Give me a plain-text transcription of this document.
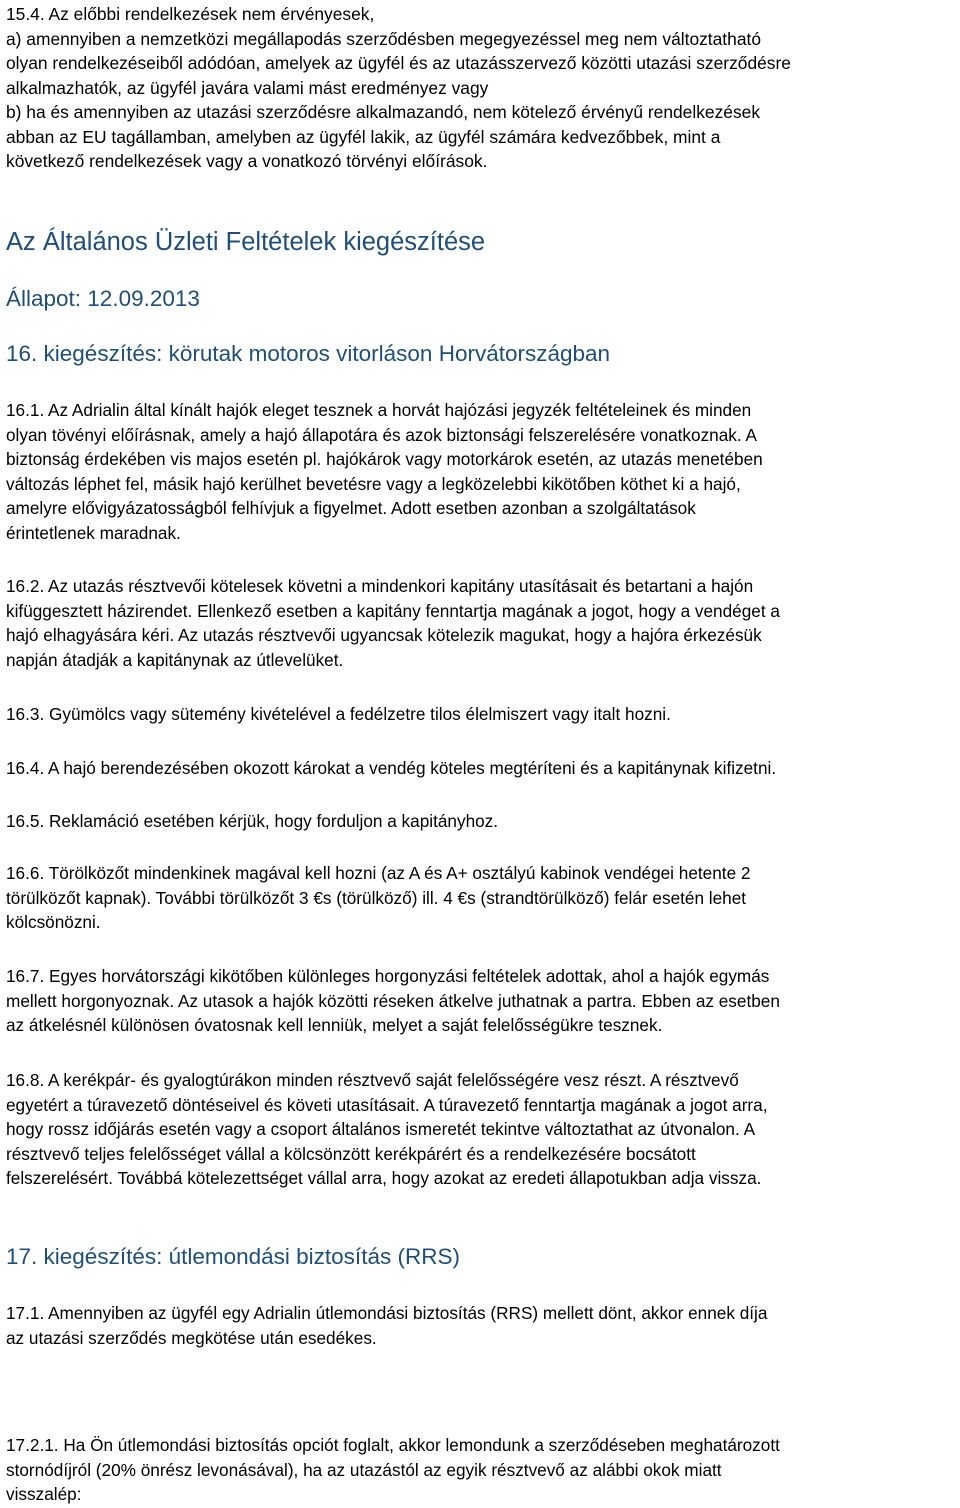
15.4. Az előbbi rendelkezések nem érvényesek,
a) amennyiben a nemzetközi megállapodás szerződésben megegyezéssel meg nem változtatható
olyan rendelkezéseiből adódóan, amelyek az ügyfél és az utazásszervező közötti utazási szerződésre
alkalmazhatók, az ügyfél javára valami mást eredményez vagy
b) ha és amennyiben az utazási szerződésre alkalmazandó, nem kötelező érvényű rendelkezések
abban az EU tagállamban, amelyben az ügyfél lakik, az ügyfél számára kedvezőbbek, mint a
következő rendelkezések vagy a vonatkozó törvényi előírások.

Az Általános Üzleti Feltételek kiegészítése
Állapot: 12.09.2013
16. kiegészítés: körutak motoros vitorláson Horvátországban

16.1. Az Adrialin által kínált hajók eleget tesznek a horvát hajózási jegyzék feltételeinek és minden
olyan tövényi előírásnak, amely a hajó állapotára és azok biztonsági felszerelésére vonatkoznak. A
biztonság érdekében vis majos esetén pl. hajókárok vagy motorkárok esetén, az utazás menetében
változás léphet fel, másik hajó kerülhet bevetésre vagy a legközelebbi kikötőben köthet ki a hajó,
amelyre elővigyázatosságból felhívjuk a figyelmet. Adott esetben azonban a szolgáltatások
érintetlenek maradnak.

16.2. Az utazás résztvevői kötelesek követni a mindenkori kapitány utasításait és betartani a hajón
kifüggesztett házirendet. Ellenkező esetben a kapitány fenntartja magának a jogot, hogy a vendéget a
hajó elhagyására kéri. Az utazás résztvevői ugyancsak kötelezik magukat, hogy a hajóra érkezésük
napján átadják a kapitánynak az útlevelüket.

16.3. Gyümölcs vagy sütemény kivételével a fedélzetre tilos élelmiszert vagy italt hozni.

16.4. A hajó berendezésében okozott károkat a vendég köteles megtéríteni és a kapitánynak kifizetni.

16.5. Reklamáció esetében kérjük, hogy forduljon a kapitányhoz.

16.6. Törölközőt mindenkinek magával kell hozni (az A és A+ osztályú kabinok vendégei hetente 2
törülközőt kapnak). További törülközőt 3 €s (törülköző) ill. 4 €s (strandtörülköző) felár esetén lehet
kölcsönözni.

16.7. Egyes horvátországi kikötőben különleges horgonyzási feltételek adottak, ahol a hajók egymás
mellett horgonyoznak. Az utasok a hajók közötti réseken átkelve juthatnak a partra. Ebben az esetben
az átkelésnél különösen óvatosnak kell lenniük, melyet a saját felelősségükre tesznek.

16.8. A kerékpár- és gyalogtúrákon minden résztvevő saját felelősségére vesz részt. A résztvevő
egyetért a túravezető döntéseivel és követi utasításait. A túravezető fenntartja magának a jogot arra,
hogy rossz időjárás esetén vagy a csoport általános ismeretét tekintve változtathat az útvonalon. A
résztvevő teljes felelősséget vállal a kölcsönzött kerékpárért és a rendelkezésére bocsátott
felszerelésért. Továbbá kötelezettséget vállal arra, hogy azokat az eredeti állapotukban adja vissza.

17. kiegészítés: útlemondási biztosítás (RRS)

17.1. Amennyiben az ügyfél egy Adrialin útlemondási biztosítás (RRS) mellett dönt, akkor ennek díja
az utazási szerződés megkötése után esedékes.

17.2.1. Ha Ön útlemondási biztosítás opciót foglalt, akkor lemondunk a szerződéseben meghatározott
stornódíjról (20% önrész levonásával), ha az utazástól az egyik résztvevő az alábbi okok miatt
visszalép:
